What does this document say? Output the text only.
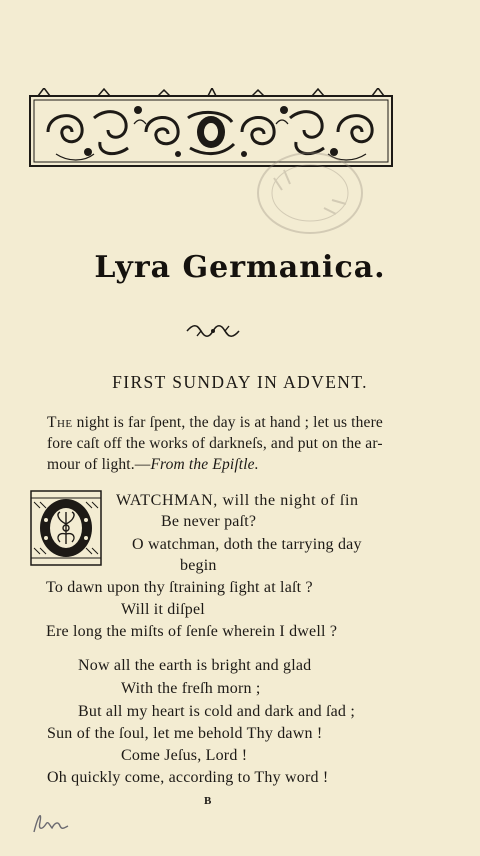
Lyra Germanica.
FIRST SUNDAY IN ADVENT.
The night is far ſpent, the day is at hand ; let us there
fore caſt off the works of darkneſs, and put on the ar-
mour of light.—From the Epiſtle.
WATCHMAN, will the night of ſin
Be never paſt?
O watchman, doth the tarrying day
begin
To dawn upon thy ſtraining ſight at laſt ?
Will it diſpel
Ere long the miſts of ſenſe wherein I dwell ?
Now all the earth is bright and glad
With the freſh morn ;
But all my heart is cold and dark and ſad ;
Sun of the ſoul, let me behold Thy dawn !
Come Jeſus, Lord !
Oh quickly come, according to Thy word !
B
